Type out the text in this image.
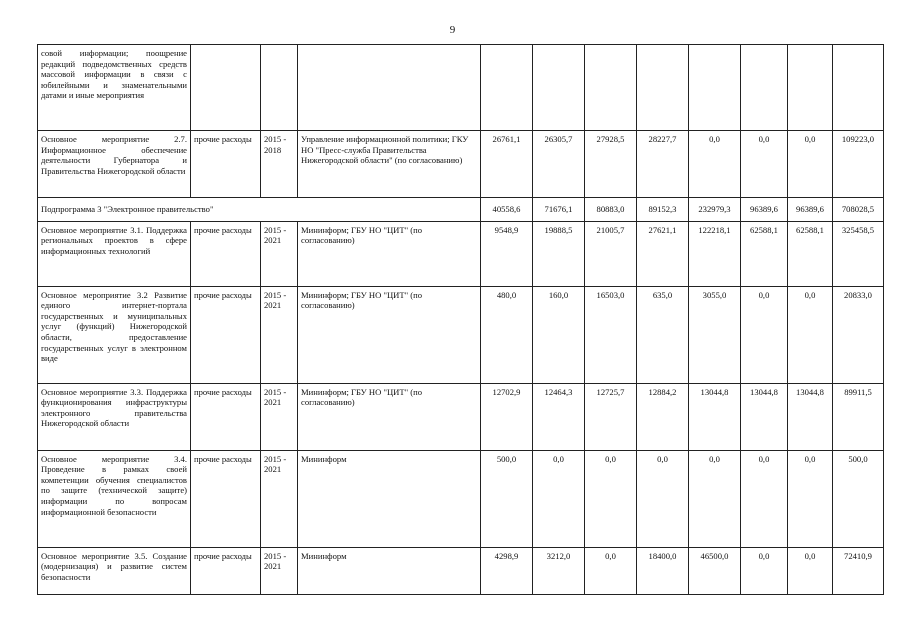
9
совой информации; поощрение редакций подведомственных средств массовой информации в связи с юбилейными и знаменательными датами и иные мероприятия											
Основное мероприятие 2.7. Информационное обеспечение деятельности Губернатора и Правительства Нижегородской области	прочие расходы	2015 - 2018	Управление информационной политики; ГКУ НО "Пресс-служба Правительства Нижегородской области" (по согласованию)	26761,1	26305,7	27928,5	28227,7	0,0	0,0	0,0	109223,0
Подпрограмма 3 "Электронное правительство"				40558,6	71676,1	80883,0	89152,3	232979,3	96389,6	96389,6	708028,5
Основное мероприятие 3.1. Поддержка региональных проектов в сфере информационных технологий	прочие расходы	2015 - 2021	Мининформ; ГБУ НО "ЦИТ" (по согласованию)	9548,9	19888,5	21005,7	27621,1	122218,1	62588,1	62588,1	325458,5
Основное мероприятие 3.2 Развитие единого интернет-портала государственных и муниципальных услуг (функций) Нижегородской области, предоставление государственных услуг в электронном виде	прочие расходы	2015 - 2021	Мининформ; ГБУ НО "ЦИТ" (по согласованию)	480,0	160,0	16503,0	635,0	3055,0	0,0	0,0	20833,0
Основное мероприятие 3.3. Поддержка функционирования инфраструктуры электронного правительства Нижегородской области	прочие расходы	2015 - 2021	Мининформ; ГБУ НО "ЦИТ" (по согласованию)	12702,9	12464,3	12725,7	12884,2	13044,8	13044,8	13044,8	89911,5
Основное мероприятие 3.4. Проведение в рамках своей компетенции обучения специалистов по защите (технической защите) информации по вопросам информационной безопасности	прочие расходы	2015 - 2021	Мининформ	500,0	0,0	0,0	0,0	0,0	0,0	0,0	500,0
Основное мероприятие 3.5. Создание (модернизация) и развитие систем безопасности	прочие расходы	2015 - 2021	Мининформ	4298,9	3212,0	0,0	18400,0	46500,0	0,0	0,0	72410,9
